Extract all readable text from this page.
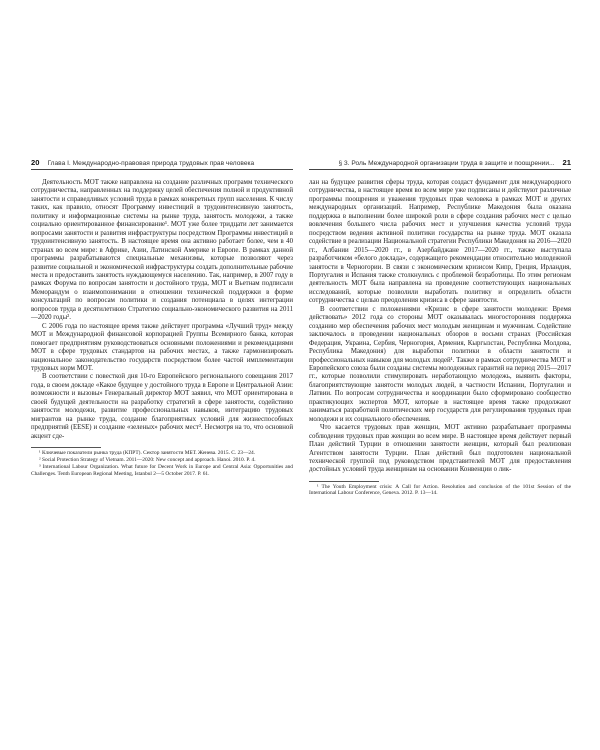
20 Глава I. Международно-правовая природа трудовых прав человека

Деятельность МОТ также направлена на создание различных программ технического сотрудничества, направленных на поддержку целей обеспечения полной и продуктивной занятости и справедливых условий труда в рамках конкретных групп населения. К числу таких, как правило, относят Программу инвестиций в трудоинтенсивную занятость, политику и информационные системы на рынке труда, занятость молодежи, а также социально ориентированное финансирование¹. МОТ уже более тридцати лет занимается вопросами занятости и развития инфраструктуры посредством Программы инвестиций в трудоинтенсивную занятость. В настоящее время она активно работает более, чем в 40 странах во всем мире: в Африке, Азии, Латинской Америке и Европе. В рамках данной программы разрабатываются специальные механизмы, которые позволяют через развитие социальной и экономической инфраструктуры создать дополнительные рабочие места и предоставить занятость нуждающемуся населению. Так, например, в 2007 году в рамках Форума по вопросам занятости и достойного труда, МОТ и Вьетнам подписали Меморандум о взаимопонимании в отношении технической поддержки в форме консультаций по вопросам политики и создания потенциала в целях интеграции вопросов труда в десятилетнюю Стратегию социально-экономического развития на 2011—2020 годы².

С 2006 года по настоящее время также действует программа «Лучший труд» между МОТ и Международной финансовой корпорацией Группы Всемирного банка, которая помогает предприятиям руководствоваться основными положениями и рекомендациями МОТ в сфере трудовых стандартов на рабочих местах, а также гармонизировать национальное законодательство государств посредством более частой имплементации трудовых норм МОТ.

В соответствии с повесткой дня 10-го Европейского регионального совещания 2017 года, в своем докладе «Какое будущее у достойного труда в Европе и Центральной Азии: возможности и вызовы» Генеральный директор МОТ заявил, что МОТ ориентирована в своей будущей деятельности на разработку стратегий в сфере занятости, содействию занятости молодежи, развитие профессиональных навыков, интеграцию трудовых мигрантов на рынке труда, создание благоприятных условий для жизнеспособных предприятий (EESE) и создание «зеленых» рабочих мест³. Несмотря на то, что основной акцент сде-

¹ Ключевые показатели рынка труда (КПРТ). Сектор занятости МБТ. Женева. 2015. С. 23—24.

² Social Protection Strategy of Vietnam. 2011—2020: New concept and approach. Hanoi. 2010. P. 4.

³ International Labour Organization. What future for Decent Work in Europe and Central Asia: Opportunities and Challenges. Tenth European Regional Meeting, Istanbul 2—5 October 2017. P. 61.

§ 3. Роль Международной организации труда в защите и поощрении... 21

лан на будущее развития сферы труда, которая создаст фундамент для международного сотрудничества, в настоящее время во всем мире уже подписаны и действуют различные программы поощрения и уважения трудовых прав человека в рамках МОТ и других международных организаций. Например, Республике Македония была оказана поддержка в выполнении более широкой роли в сфере создания рабочих мест с целью вовлечения большего числа рабочих мест и улучшения качества условий труда посредством ведения активной политики государства на рынке труда. МОТ оказала содействие в реализации Национальной стратегии Республики Македония на 2016—2020 гг., Албании 2015—2020 гг., в Азербайджане 2017—2020 гг., также выступала разработчиком «белого доклада», содержащего рекомендации относительно молодежной занятости в Черногории. В связи с экономическим кризисом Кипр, Греция, Ирландия, Португалия и Испания также столкнулись с проблемой безработицы. По этим регионам деятельность МОТ была направлена на проведение соответствующих национальных исследований, которые позволили выработать политику и определить области сотрудничества с целью преодоления кризиса в сфере занятости.

В соответствии с положениями «Кризис в сфере занятости молодежи: Время действовать» 2012 года со стороны МОТ оказывалась многосторонняя поддержка созданию мер обеспечения рабочих мест молодым женщинам и мужчинам. Содействие заключалось в проведении национальных обзоров в восьми странах (Российская Федерация, Украина, Сербия, Черногория, Армения, Кыргызстан, Республика Молдова, Республика Македония) для выработки политики в области занятости и профессиональных навыков для молодых людей¹. Также в рамках сотрудничества МОТ и Европейского союза были созданы системы молодежных гарантий на период 2015—2017 гг., которые позволили стимулировать неработающую молодежь, выявить факторы, благоприятствующие занятости молодых людей, в частности Испании, Португалии и Латвии. По вопросам сотрудничества и координации было сформировано сообщество практикующих экспертов МОТ, которые в настоящее время также продолжают заниматься разработкой политических мер государств для регулирования трудовых прав молодежи и их социального обеспечения.

Что касается трудовых прав женщин, МОТ активно разрабатывает программы соблюдения трудовых прав женщин во всем мире. В настоящее время действует первый План действий Турции в отношении занятости женщин, который был реализован Агентством занятости Турции. План действий был подготовлен национальной технической группой под руководством представителей МОТ для предоставления достойных условий труда женщинам на основании Конвенции о лик-

¹ The Youth Employment crisis: A Call for Action. Resolution and conclusion of the 101st Session of the International Labour Conference, Geneva. 2012. P. 13—14.
